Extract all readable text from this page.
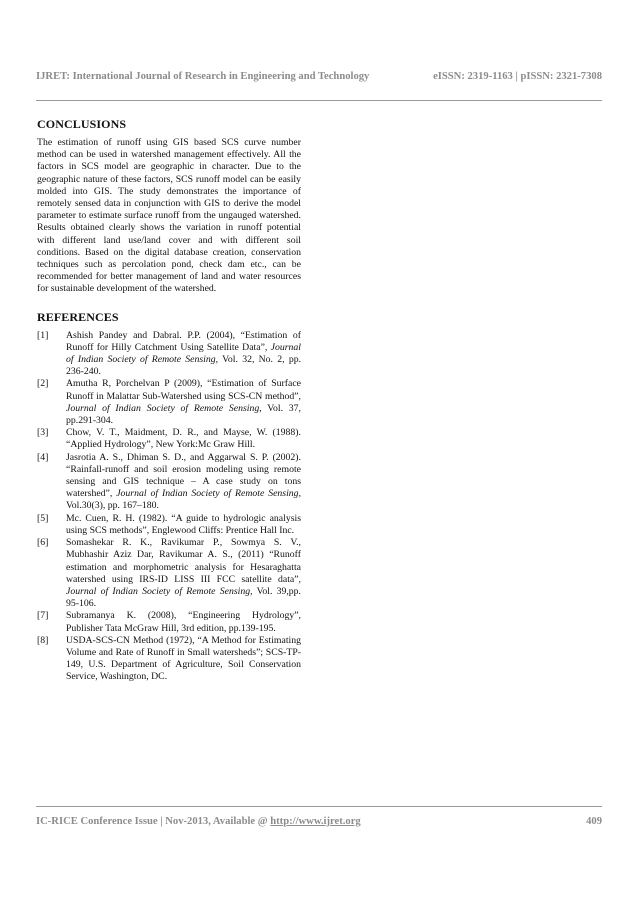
IJRET: International Journal of Research in Engineering and Technology	eISSN: 2319-1163 | pISSN: 2321-7308
CONCLUSIONS

The estimation of runoff using GIS based SCS curve number method can be used in watershed management effectively. All the factors in SCS model are geographic in character. Due to the geographic nature of these factors, SCS runoff model can be easily molded into GIS. The study demonstrates the importance of remotely sensed data in conjunction with GIS to derive the model parameter to estimate surface runoff from the ungauged watershed. Results obtained clearly shows the variation in runoff potential with different land use/land cover and with different soil conditions. Based on the digital database creation, conservation techniques such as percolation pond, check dam etc., can be recommended for better management of land and water resources for sustainable development of the watershed.

REFERENCES
[1] Ashish Pandey and Dabral. P.P. (2004), “Estimation of Runoff for Hilly Catchment Using Satellite Data”, Journal of Indian Society of Remote Sensing, Vol. 32, No. 2, pp. 236-240.
[2] Amutha R, Porchelvan P (2009), “Estimation of Surface Runoff in Malattar Sub-Watershed using SCS-CN method”, Journal of Indian Society of Remote Sensing, Vol. 37, pp.291-304.
[3] Chow, V. T., Maidment, D. R., and Mayse, W. (1988). “Applied Hydrology”, New York:Mc Graw Hill.
[4] Jasrotia A. S., Dhiman S. D., and Aggarwal S. P. (2002). “Rainfall-runoff and soil erosion modeling using remote sensing and GIS technique – A case study on tons watershed”, Journal of Indian Society of Remote Sensing, Vol.30(3), pp. 167–180.
[5] Mc. Cuen, R. H. (1982). “A guide to hydrologic analysis using SCS methods”, Englewood Cliffs: Prentice Hall Inc.
[6] Somashekar R. K., Ravikumar P., Sowmya S. V., Mubhashir Aziz Dar, Ravikumar A. S., (2011) “Runoff estimation and morphometric analysis for Hesaraghatta watershed using IRS-ID LISS III FCC satellite data”, Journal of Indian Society of Remote Sensing, Vol. 39,pp. 95-106.
[7] Subramanya K. (2008), “Engineering Hydrology”, Publisher Tata McGraw Hill, 3rd edition, pp.139-195.
[8] USDA-SCS-CN Method (1972), “A Method for Estimating Volume and Rate of Runoff in Small watersheds”; SCS-TP-149, U.S. Department of Agriculture, Soil Conservation Service, Washington, DC.
IC-RICE Conference Issue | Nov-2013, Available @ http://www.ijret.org	409
